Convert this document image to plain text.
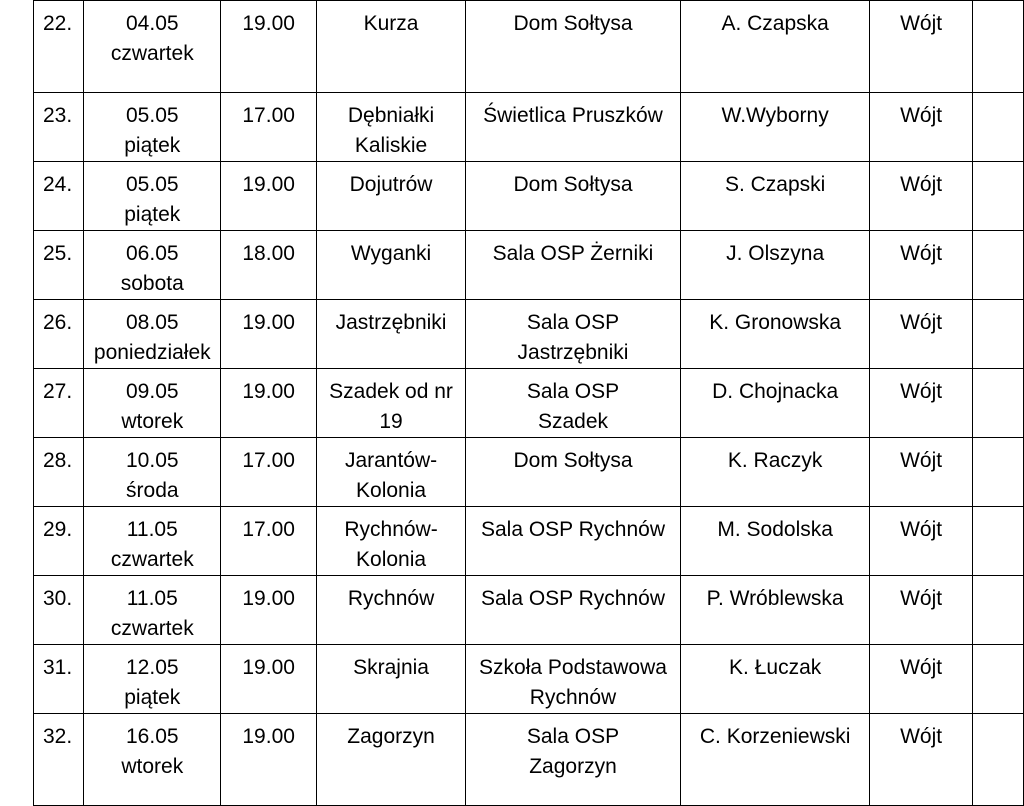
22.	04.05
czwartek	19.00	Kurza	Dom Sołtysa	A. Czapska	Wójt	

23.	05.05
piątek	17.00	Dębniałki
Kaliskie	Świetlica Pruszków	W.Wyborny	Wójt	

24.	05.05
piątek	19.00	Dojutrów	Dom Sołtysa	S. Czapski	Wójt	

25.	06.05
sobota	18.00	Wyganki	Sala OSP Żerniki	J. Olszyna	Wójt	

26.	08.05
poniedziałek	19.00	Jastrzębniki	Sala OSP
Jastrzębniki	K. Gronowska	Wójt	

27.	09.05
wtorek	19.00	Szadek od nr
19	Sala OSP
Szadek	D. Chojnacka	Wójt	

28.	10.05
środa	17.00	Jarantów-
Kolonia	Dom Sołtysa	K. Raczyk	Wójt	

29.	11.05
czwartek	17.00	Rychnów-
Kolonia	Sala OSP Rychnów	M. Sodolska	Wójt	

30.	11.05
czwartek	19.00	Rychnów	Sala OSP Rychnów	P. Wróblewska	Wójt	

31.	12.05
piątek	19.00	Skrajnia	Szkoła Podstawowa
Rychnów	K. Łuczak	Wójt	

32.	16.05
wtorek	19.00	Zagorzyn	Sala OSP
Zagorzyn	C. Korzeniewski	Wójt	
